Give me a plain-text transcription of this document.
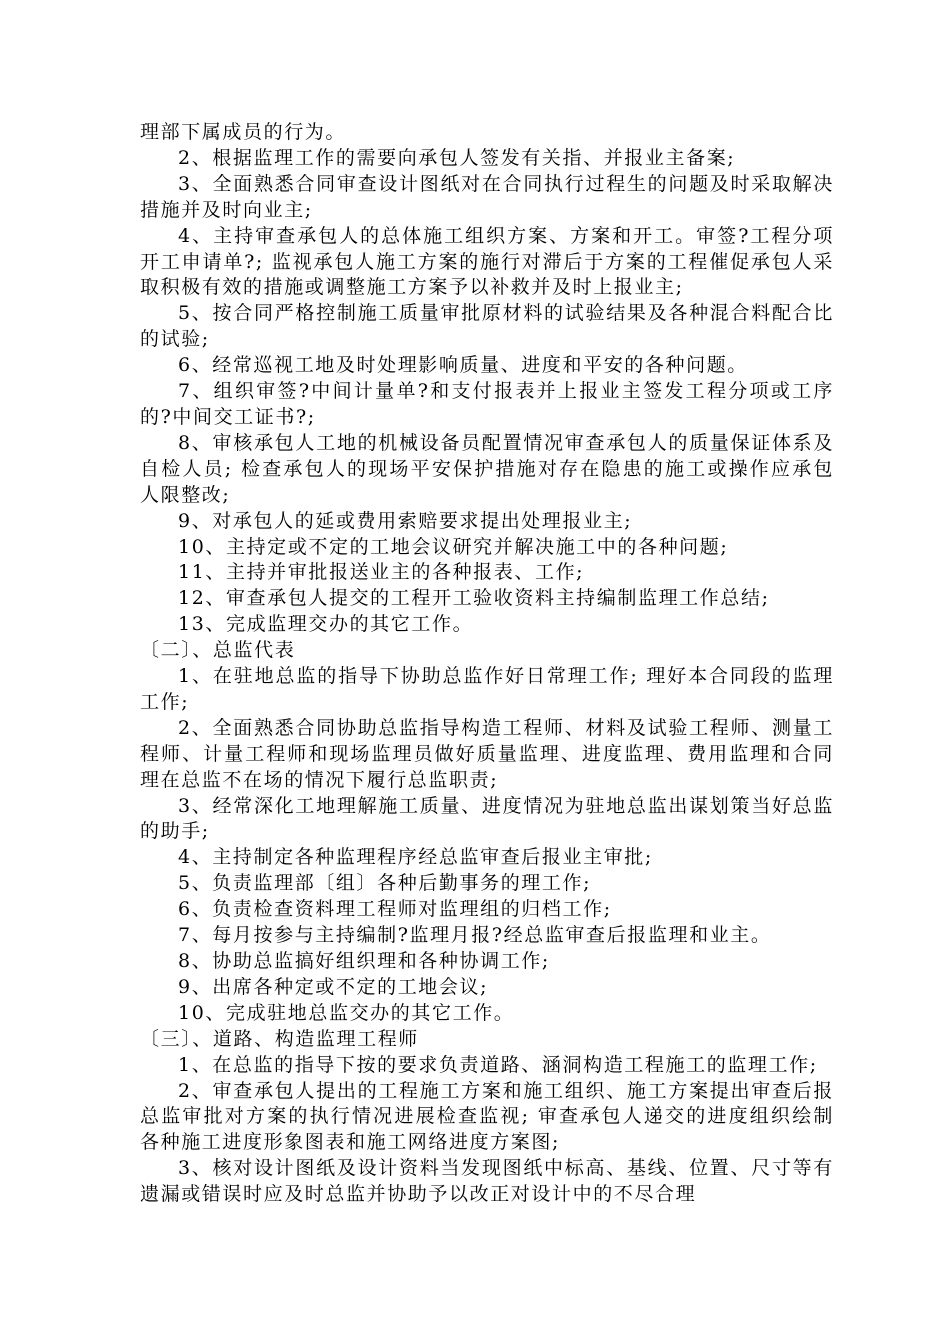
理部下属成员的行为。

2、根据监理工作的需要向承包人签发有关指、并报业主备案;

3、全面熟悉合同审查设计图纸对在合同执行过程生的问题及时采取解决措施并及时向业主;

4、主持审查承包人的总体施工组织方案、方案和开工。审签?工程分项开工申请单?; 监视承包人施工方案的施行对滞后于方案的工程催促承包人采取积极有效的措施或调整施工方案予以补救并及时上报业主;

5、按合同严格控制施工质量审批原材料的试验结果及各种混合料配合比的试验;

6、经常巡视工地及时处理影响质量、进度和平安的各种问题。

7、组织审签?中间计量单?和支付报表并上报业主签发工程分项或工序的?中间交工证书?;

8、审核承包人工地的机械设备员配置情况审查承包人的质量保证体系及自检人员; 检查承包人的现场平安保护措施对存在隐患的施工或操作应承包人限整改;

9、对承包人的延或费用索赔要求提出处理报业主;

10、主持定或不定的工地会议研究并解决施工中的各种问题;

11、主持并审批报送业主的各种报表、工作;

12、审查承包人提交的工程开工验收资料主持编制监理工作总结;

13、完成监理交办的其它工作。

〔二〕、总监代表

1、在驻地总监的指导下协助总监作好日常理工作; 理好本合同段的监理工作;

2、全面熟悉合同协助总监指导构造工程师、材料及试验工程师、测量工程师、计量工程师和现场监理员做好质量监理、进度监理、费用监理和合同理在总监不在场的情况下履行总监职责;

3、经常深化工地理解施工质量、进度情况为驻地总监出谋划策当好总监的助手;

4、主持制定各种监理程序经总监审查后报业主审批;

5、负责监理部〔组〕各种后勤事务的理工作;

6、负责检查资料理工程师对监理组的归档工作;

7、每月按参与主持编制?监理月报?经总监审查后报监理和业主。

8、协助总监搞好组织理和各种协调工作;

9、出席各种定或不定的工地会议;

10、完成驻地总监交办的其它工作。

〔三〕、道路、构造监理工程师

1、在总监的指导下按的要求负责道路、涵洞构造工程施工的监理工作;

2、审查承包人提出的工程施工方案和施工组织、施工方案提出审查后报总监审批对方案的执行情况进展检查监视; 审查承包人递交的进度组织绘制各种施工进度形象图表和施工网络进度方案图;

3、核对设计图纸及设计资料当发现图纸中标高、基线、位置、尺寸等有遗漏或错误时应及时总监并协助予以改正对设计中的不尽合理
